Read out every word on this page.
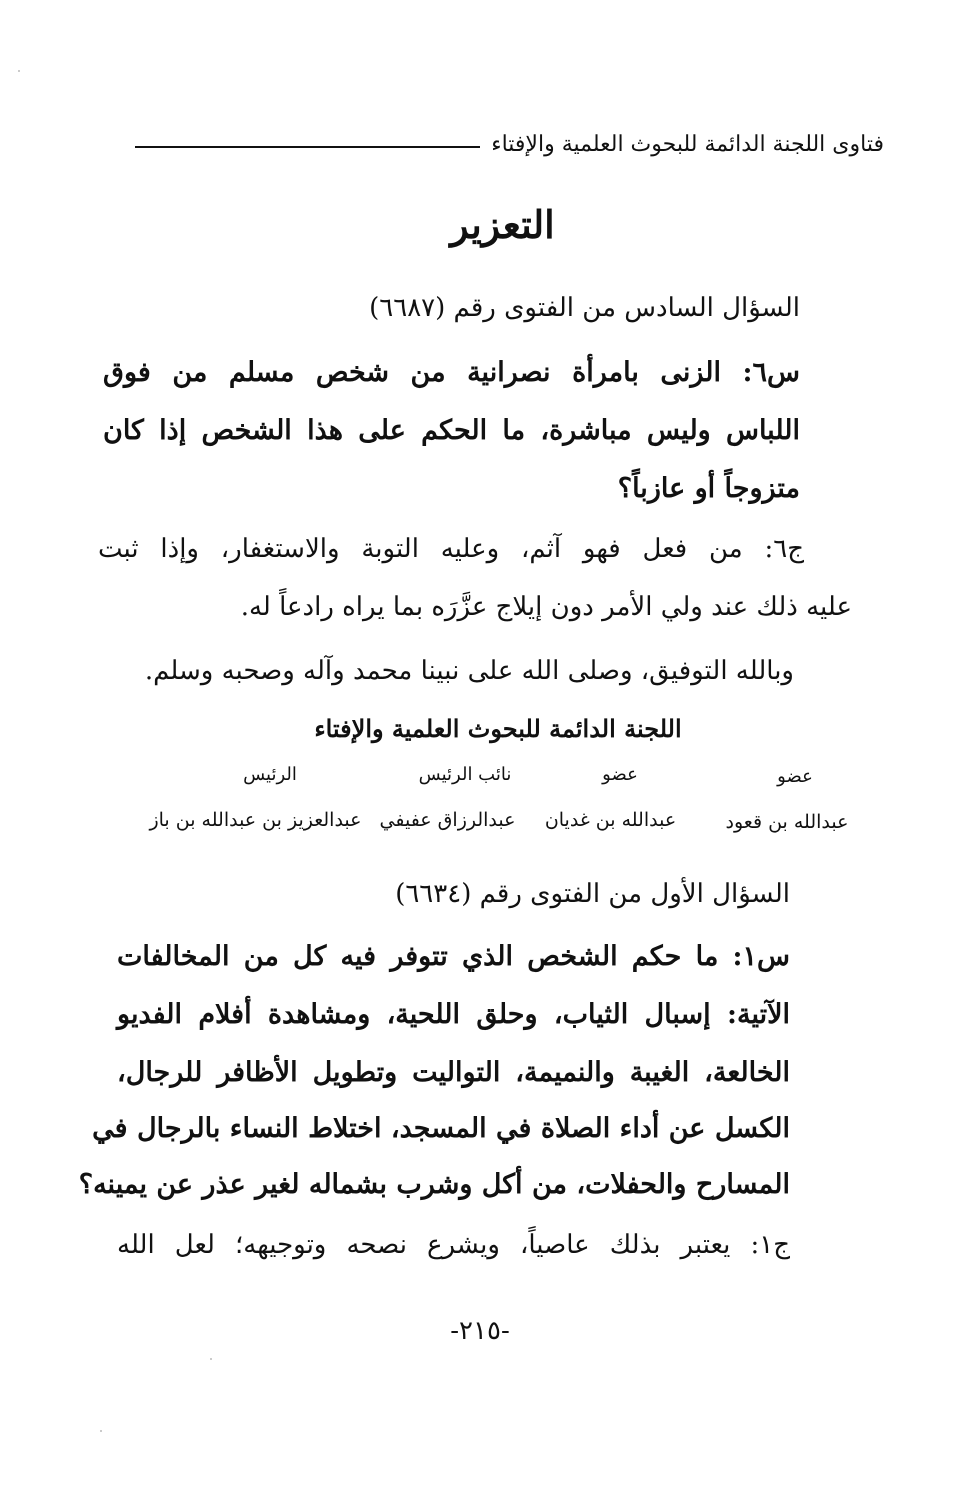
فتاوى اللجنة الدائمة للبحوث العلمية والإفتاء
التعزير
السؤال السادس من الفتوى رقم (٦٦٨٧)
س٦: الزنى بامرأة نصرانية من شخص مسلم من فوق
اللباس وليس مباشرة، ما الحكم على هذا الشخص إذا كان
متزوجاً أو عازباً؟
ج٦: من فعل فهو آثم، وعليه التوبة والاستغفار، وإذا ثبت
عليه ذلك عند ولي الأمر دون إيلاج عزَّرَه بما يراه رادعاً له.
وبالله التوفيق، وصلى الله على نبينا محمد وآله وصحبه وسلم.
اللجنة الدائمة للبحوث العلمية والإفتاء
عضو
عضو
نائب الرئيس
الرئيس
عبدالله بن قعود
عبدالله بن غديان
عبدالرزاق عفيفي
عبدالعزيز بن عبدالله بن باز
السؤال الأول من الفتوى رقم (٦٦٣٤)
س١: ما حكم الشخص الذي تتوفر فيه كل من المخالفات
الآتية: إسبال الثياب، وحلق اللحية، ومشاهدة أفلام الفديو
الخالعة، الغيبة والنميمة، التواليت وتطويل الأظافر للرجال،
الكسل عن أداء الصلاة في المسجد، اختلاط النساء بالرجال في
المسارح والحفلات، من أكل وشرب بشماله لغير عذر عن يمينه؟
ج١: يعتبر بذلك عاصياً، ويشرع نصحه وتوجيهه؛ لعل الله
-٢١٥-
